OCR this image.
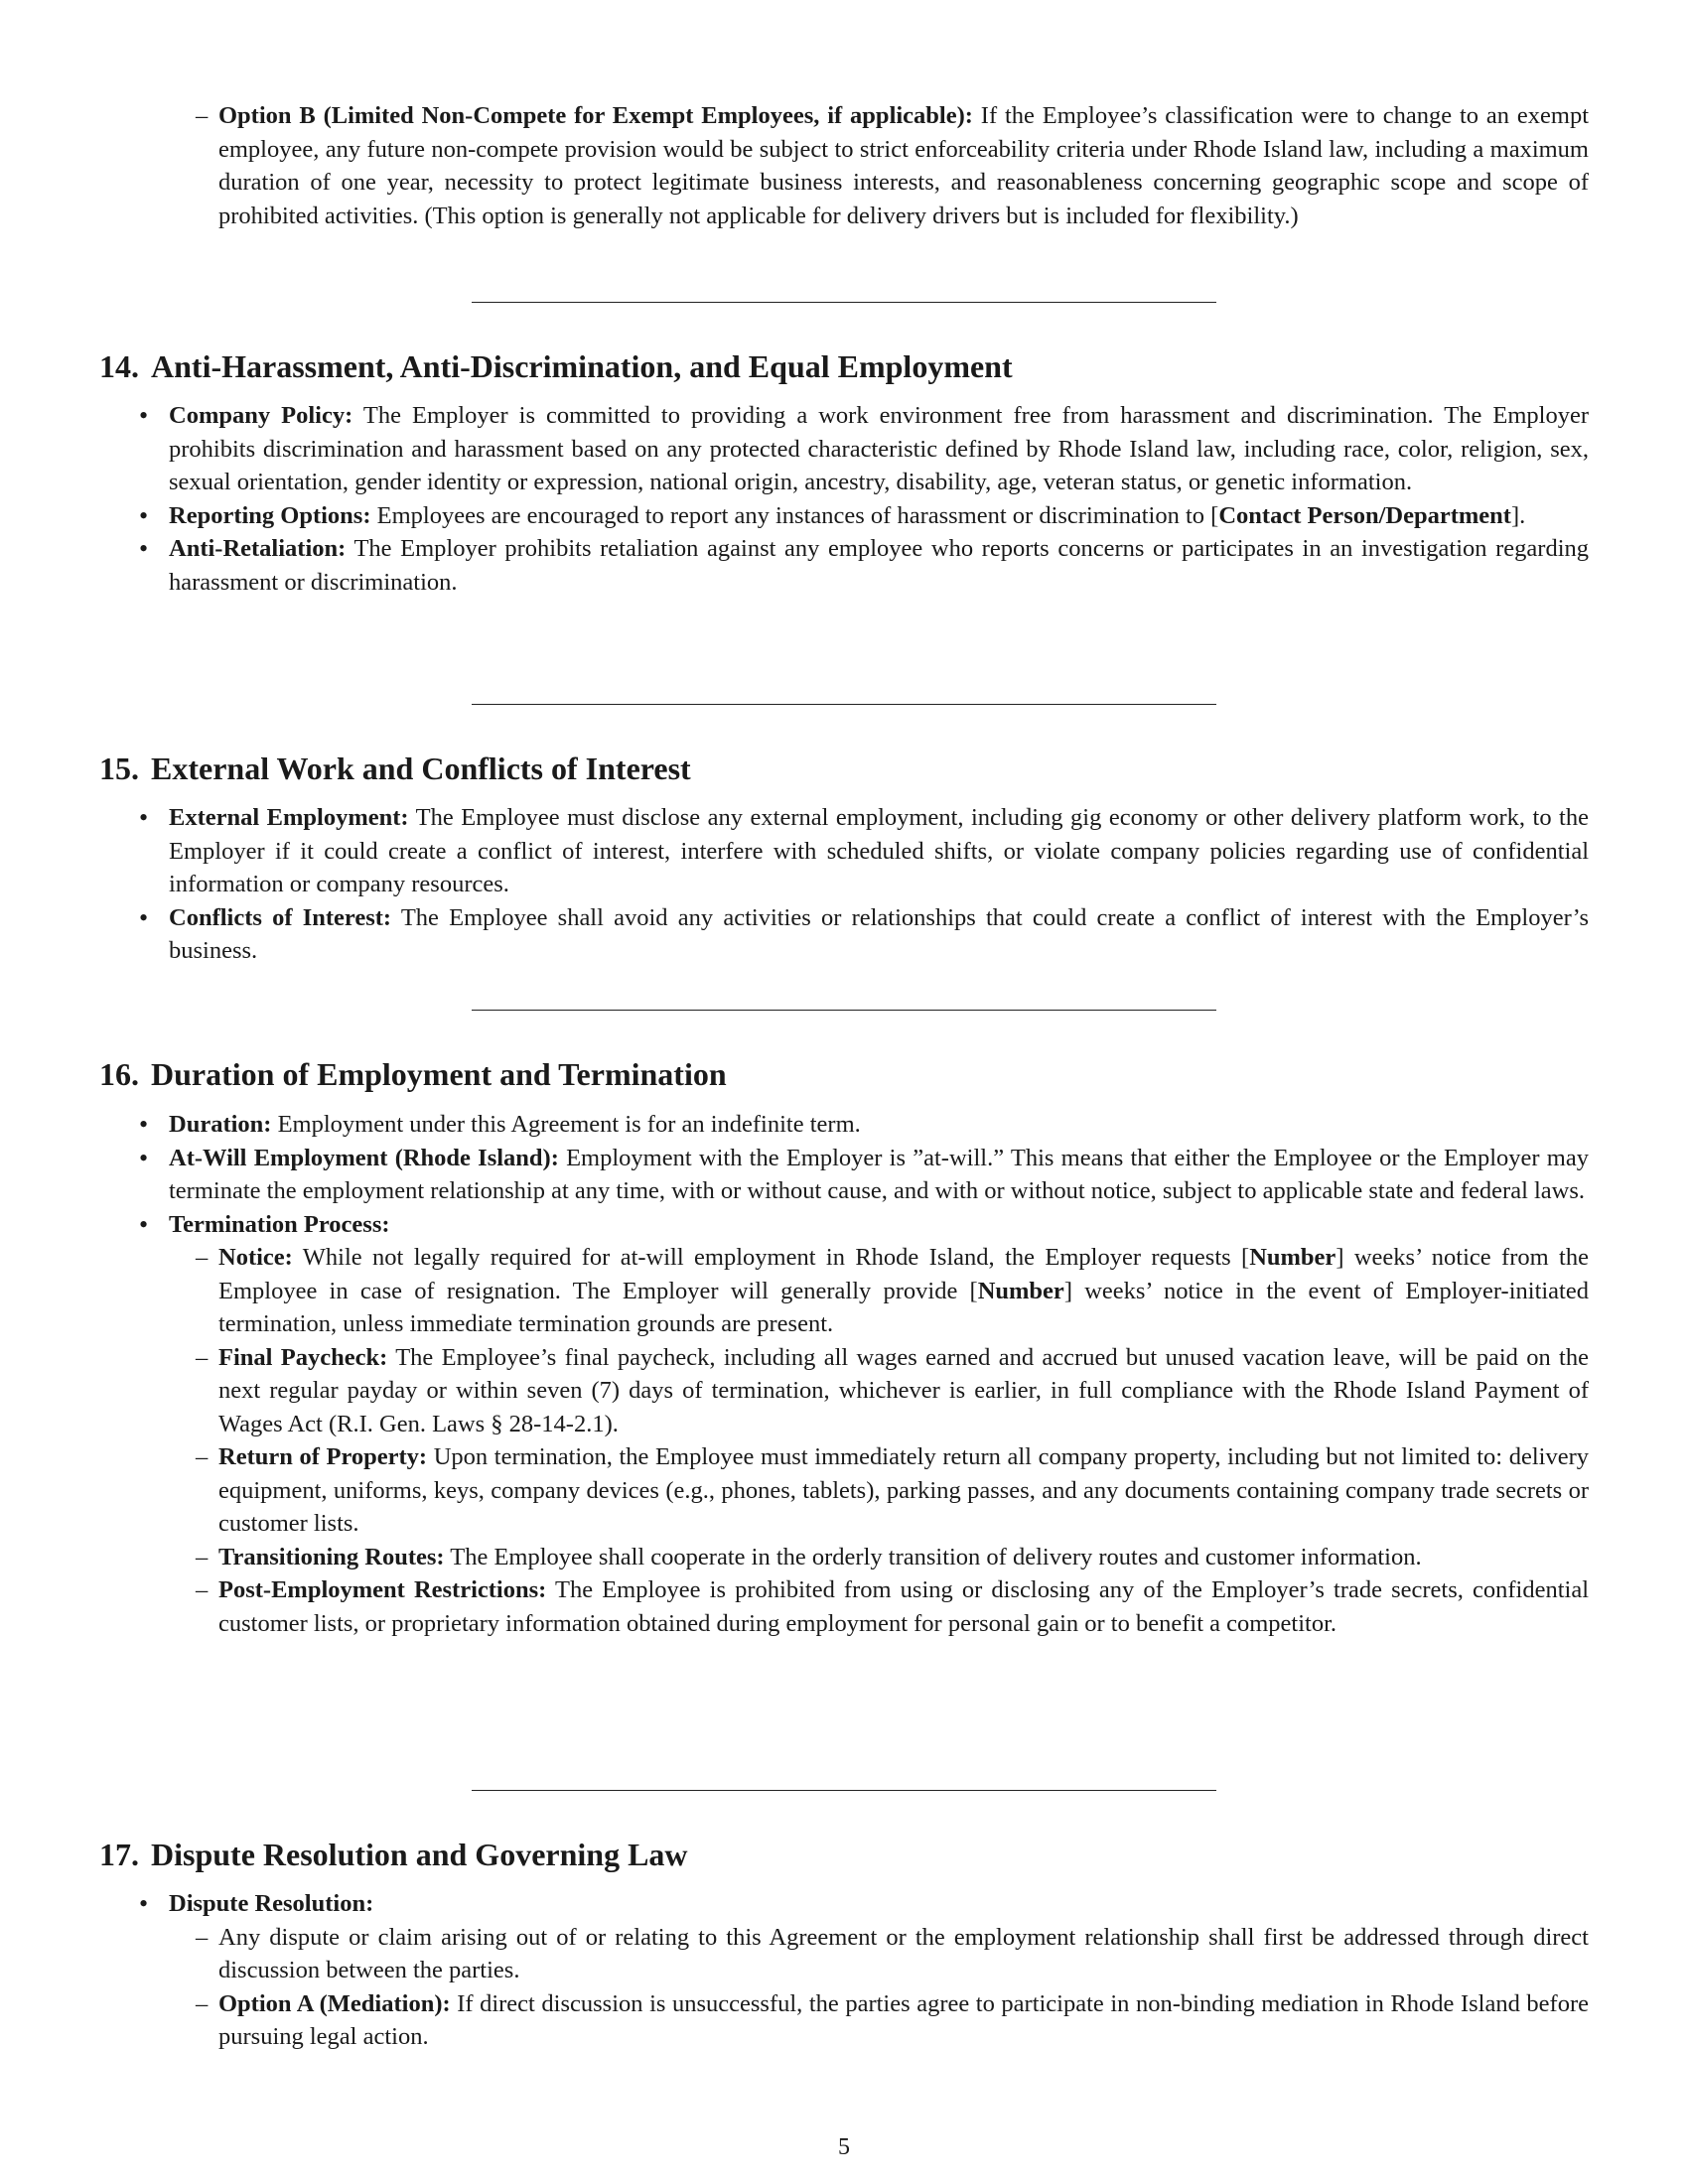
– Option B (Limited Non-Compete for Exempt Employees, if applicable): If the Employee’s classification were to change to an exempt employee, any future non-compete provision would be subject to strict enforceability criteria under Rhode Island law, including a maximum duration of one year, necessity to protect legitimate business interests, and reasonableness concerning geographic scope and scope of prohibited activities. (This option is generally not applicable for delivery drivers but is included for flexibility.)
14. Anti-Harassment, Anti-Discrimination, and Equal Employment
• Company Policy: The Employer is committed to providing a work environment free from harassment and discrimination. The Employer prohibits discrimination and harassment based on any protected characteristic defined by Rhode Island law, including race, color, religion, sex, sexual orientation, gender identity or expression, national origin, ancestry, disability, age, veteran status, or genetic information.
• Reporting Options: Employees are encouraged to report any instances of harassment or discrimination to [Contact Person/Department].
• Anti-Retaliation: The Employer prohibits retaliation against any employee who reports concerns or participates in an investigation regarding harassment or discrimination.
15. External Work and Conflicts of Interest
• External Employment: The Employee must disclose any external employment, including gig economy or other delivery platform work, to the Employer if it could create a conflict of interest, interfere with scheduled shifts, or violate company policies regarding use of confidential information or company resources.
• Conflicts of Interest: The Employee shall avoid any activities or relationships that could create a conflict of interest with the Employer’s business.
16. Duration of Employment and Termination
• Duration: Employment under this Agreement is for an indefinite term.
• At-Will Employment (Rhode Island): Employment with the Employer is ”at-will.” This means that either the Employee or the Employer may terminate the employment relationship at any time, with or without cause, and with or without notice, subject to applicable state and federal laws.
• Termination Process:
– Notice: While not legally required for at-will employment in Rhode Island, the Employer requests [Number] weeks’ notice from the Employee in case of resignation. The Employer will generally provide [Number] weeks’ notice in the event of Employer-initiated termination, unless immediate termination grounds are present.
– Final Paycheck: The Employee’s final paycheck, including all wages earned and accrued but unused vacation leave, will be paid on the next regular payday or within seven (7) days of termination, whichever is earlier, in full compliance with the Rhode Island Payment of Wages Act (R.I. Gen. Laws § 28-14-2.1).
– Return of Property: Upon termination, the Employee must immediately return all company property, including but not limited to: delivery equipment, uniforms, keys, company devices (e.g., phones, tablets), parking passes, and any documents containing company trade secrets or customer lists.
– Transitioning Routes: The Employee shall cooperate in the orderly transition of delivery routes and customer information.
– Post-Employment Restrictions: The Employee is prohibited from using or disclosing any of the Employer’s trade secrets, confidential customer lists, or proprietary information obtained during employment for personal gain or to benefit a competitor.
17. Dispute Resolution and Governing Law
• Dispute Resolution:
– Any dispute or claim arising out of or relating to this Agreement or the employment relationship shall first be addressed through direct discussion between the parties.
– Option A (Mediation): If direct discussion is unsuccessful, the parties agree to participate in non-binding mediation in Rhode Island before pursuing legal action.
5
